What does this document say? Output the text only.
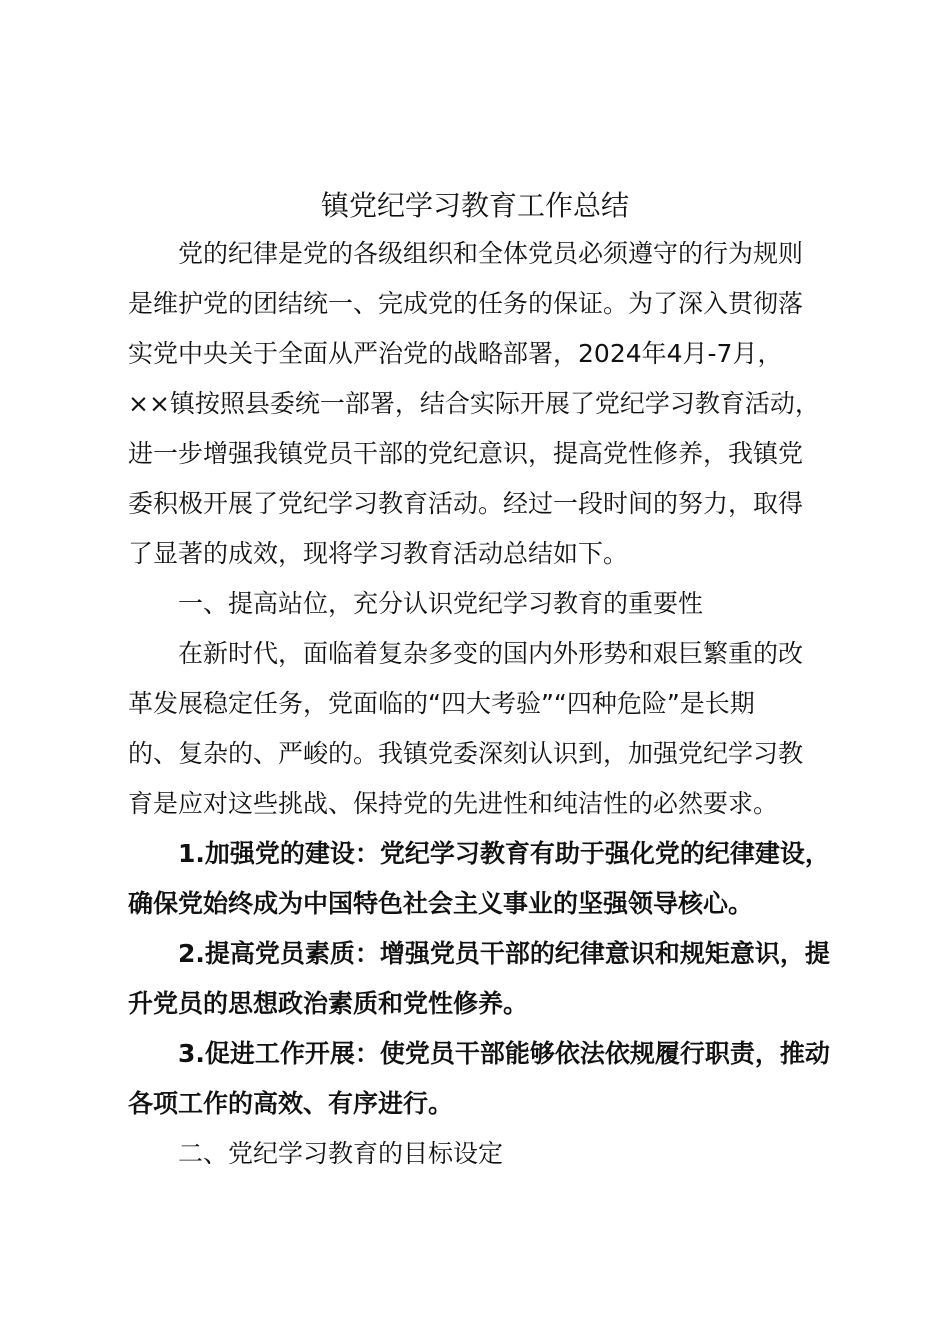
镇党纪学习教育工作总结

党的纪律是党的各级组织和全体党员必须遵守的行为规则

是维护党的团结统一、完成党的任务的保证。为了深入贯彻落

实党中央关于全面从严治党的战略部署，2024年4月-7月，

××镇按照县委统一部署，结合实际开展了党纪学习教育活动，

进一步增强我镇党员干部的党纪意识，提高党性修养，我镇党

委积极开展了党纪学习教育活动。经过一段时间的努力，取得

了显著的成效，现将学习教育活动总结如下。

一、提高站位，充分认识党纪学习教育的重要性

在新时代，面临着复杂多变的国内外形势和艰巨繁重的改

革发展稳定任务，党面临的“四大考验”“四种危险”是长期

的、复杂的、严峻的。我镇党委深刻认识到，加强党纪学习教

育是应对这些挑战、保持党的先进性和纯洁性的必然要求。

1.加强党的建设：党纪学习教育有助于强化党的纪律建设，

确保党始终成为中国特色社会主义事业的坚强领导核心。

2.提高党员素质：增强党员干部的纪律意识和规矩意识，提

升党员的思想政治素质和党性修养。

3.促进工作开展：使党员干部能够依法依规履行职责，推动

各项工作的高效、有序进行。

二、党纪学习教育的目标设定
